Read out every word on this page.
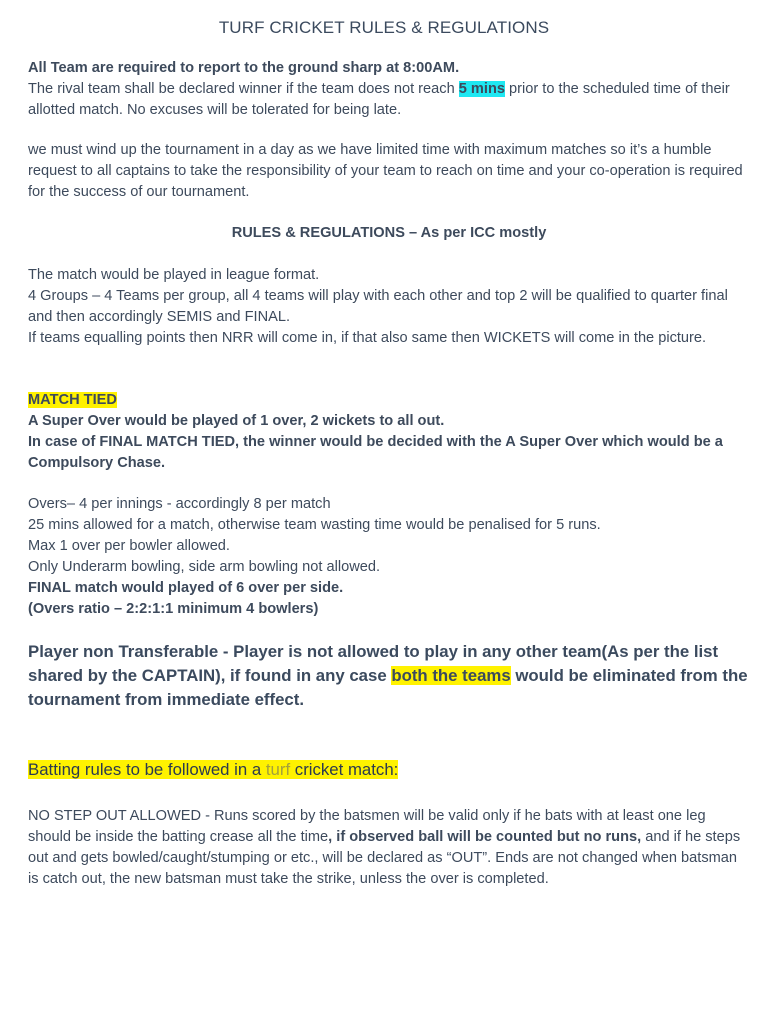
TURF CRICKET RULES & REGULATIONS

All Team are required to report to the ground sharp at 8:00AM.

The rival team shall be declared winner if the team does not reach 5 mins prior to the scheduled time of their allotted match. No excuses will be tolerated for being late.

we must wind up the tournament in a day as we have limited time with maximum matches so it’s a humble request to all captains to take the responsibility of your team to reach on time and your co-operation is required for the success of our tournament.

RULES & REGULATIONS – As per ICC mostly

The match would be played in league format.

4 Groups – 4 Teams per group, all 4 teams will play with each other and top 2 will be qualified to quarter final and then accordingly SEMIS and FINAL.

If teams equalling points then NRR will come in, if that also same then WICKETS will come in the picture.

MATCH TIED

A Super Over would be played of 1 over, 2 wickets to all out.

In case of FINAL MATCH TIED, the winner would be decided with the A Super Over which would be a Compulsory Chase.

Overs– 4 per innings - accordingly 8 per match

25 mins allowed for a match, otherwise team wasting time would be penalised for 5 runs.

Max 1 over per bowler allowed.

Only Underarm bowling, side arm bowling not allowed.

FINAL match would played of 6 over per side.

(Overs ratio – 2:2:1:1 minimum 4 bowlers)

Player non Transferable - Player is not allowed to play in any other team(As per the list shared by the CAPTAIN), if found in any case both the teams would be eliminated from the tournament from immediate effect.

Batting rules to be followed in a turf cricket match:

NO STEP OUT ALLOWED - Runs scored by the batsmen will be valid only if he bats with at least one leg should be inside the batting crease all the time, if observed ball will be counted but no runs, and if he steps out and gets bowled/caught/stumping or etc., will be declared as “OUT”. Ends are not changed when batsman is catch out, the new batsman must take the strike, unless the over is completed.
